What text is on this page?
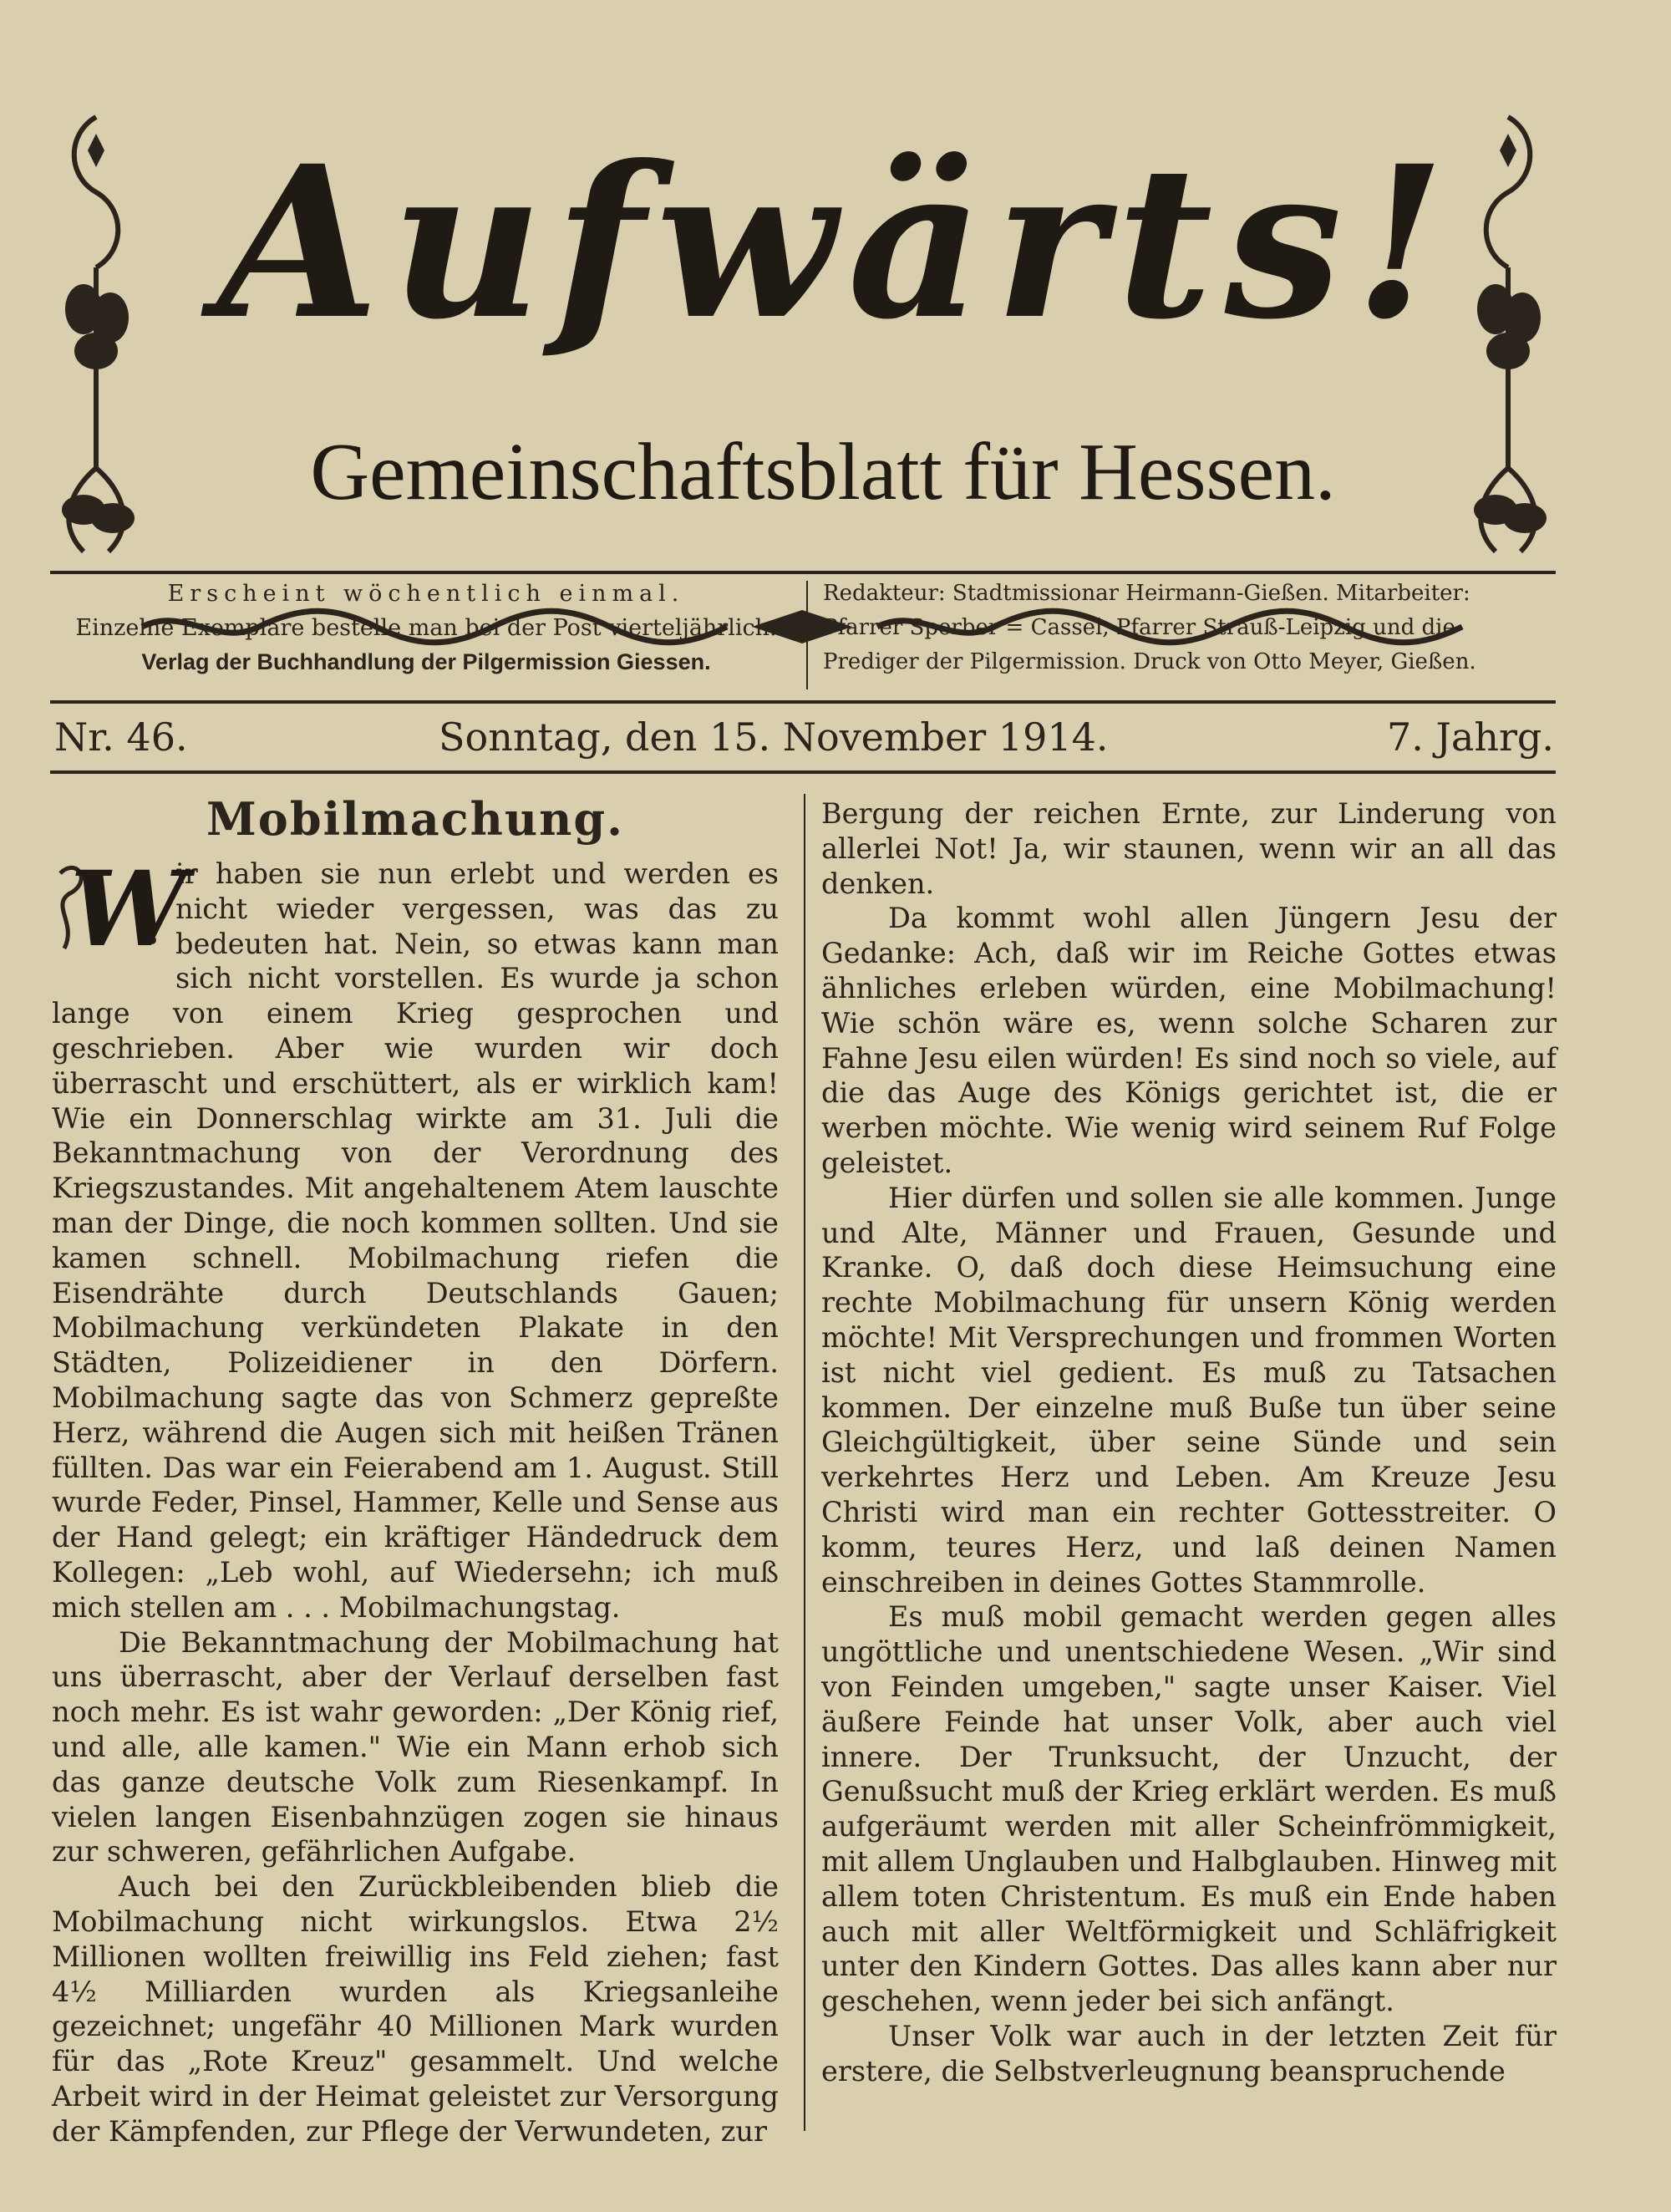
Aufwärts!
Gemeinschaftsblatt für Hessen.
Erscheint wöchentlich einmal.
Einzelne Exemplare bestelle man bei der Post vierteljährlich.
Verlag der Buchhandlung der Pilgermission Giessen.
Redakteur: Stadtmissionar Heirmann-Gießen. Mitarbeiter:
Pfarrer Sperber = Cassel, Pfarrer Strauß-Leipzig und die
Prediger der Pilgermission. Druck von Otto Meyer, Gießen.
Nr. 46.	Sonntag, den 15. November 1914.	7. Jahrg.
Mobilmachung.

W
ir haben sie nun erlebt und werden es nicht wieder vergessen, was das zu bedeuten hat. Nein, so etwas kann man sich nicht vorstellen. Es wurde ja schon lange von einem Krieg gesprochen und geschrieben. Aber wie wurden wir doch überrascht und erschüttert, als er wirklich kam! Wie ein Donnerschlag wirkte am 31. Juli die Bekanntmachung von der Verordnung des Kriegszustandes. Mit angehaltenem Atem lauschte man der Dinge, die noch kommen sollten. Und sie kamen schnell. Mobilmachung riefen die Eisendrähte durch Deutschlands Gauen; Mobilmachung verkündeten Plakate in den Städten, Polizeidiener in den Dörfern. Mobilmachung sagte das von Schmerz gepreßte Herz, während die Augen sich mit heißen Tränen füllten. Das war ein Feierabend am 1. August. Still wurde Feder, Pinsel, Hammer, Kelle und Sense aus der Hand gelegt; ein kräftiger Händedruck dem Kollegen: „Leb wohl, auf Wiedersehn; ich muß mich stellen am . . . Mobilmachungstag.

Die Bekanntmachung der Mobilmachung hat uns überrascht, aber der Verlauf derselben fast noch mehr. Es ist wahr geworden: „Der König rief, und alle, alle kamen." Wie ein Mann erhob sich das ganze deutsche Volk zum Riesenkampf. In vielen langen Eisenbahnzügen zogen sie hinaus zur schweren, gefährlichen Aufgabe.

Auch bei den Zurückbleibenden blieb die Mobilmachung nicht wirkungslos. Etwa 2½ Millionen wollten freiwillig ins Feld ziehen; fast 4½ Milliarden wurden als Kriegsanleihe gezeichnet; ungefähr 40 Millionen Mark wurden für das „Rote Kreuz" gesammelt. Und welche Arbeit wird in der Heimat geleistet zur Versorgung der Kämpfenden, zur Pflege der Verwundeten, zur

Bergung der reichen Ernte, zur Linderung von allerlei Not! Ja, wir staunen, wenn wir an all das denken.

Da kommt wohl allen Jüngern Jesu der Gedanke: Ach, daß wir im Reiche Gottes etwas ähnliches erleben würden, eine Mobilmachung! Wie schön wäre es, wenn solche Scharen zur Fahne Jesu eilen würden! Es sind noch so viele, auf die das Auge des Königs gerichtet ist, die er werben möchte. Wie wenig wird seinem Ruf Folge geleistet.

Hier dürfen und sollen sie alle kommen. Junge und Alte, Männer und Frauen, Gesunde und Kranke. O, daß doch diese Heimsuchung eine rechte Mobilmachung für unsern König werden möchte! Mit Versprechungen und frommen Worten ist nicht viel gedient. Es muß zu Tatsachen kommen. Der einzelne muß Buße tun über seine Gleichgültigkeit, über seine Sünde und sein verkehrtes Herz und Leben. Am Kreuze Jesu Christi wird man ein rechter Gottesstreiter. O komm, teures Herz, und laß deinen Namen einschreiben in deines Gottes Stammrolle.

Es muß mobil gemacht werden gegen alles ungöttliche und unentschiedene Wesen. „Wir sind von Feinden umgeben," sagte unser Kaiser. Viel äußere Feinde hat unser Volk, aber auch viel innere. Der Trunksucht, der Unzucht, der Genußsucht muß der Krieg erklärt werden. Es muß aufgeräumt werden mit aller Scheinfrömmigkeit, mit allem Unglauben und Halbglauben. Hinweg mit allem toten Christentum. Es muß ein Ende haben auch mit aller Weltförmigkeit und Schläfrigkeit unter den Kindern Gottes. Das alles kann aber nur geschehen, wenn jeder bei sich anfängt.

Unser Volk war auch in der letzten Zeit für erstere, die Selbstverleugnung beanspruchende
